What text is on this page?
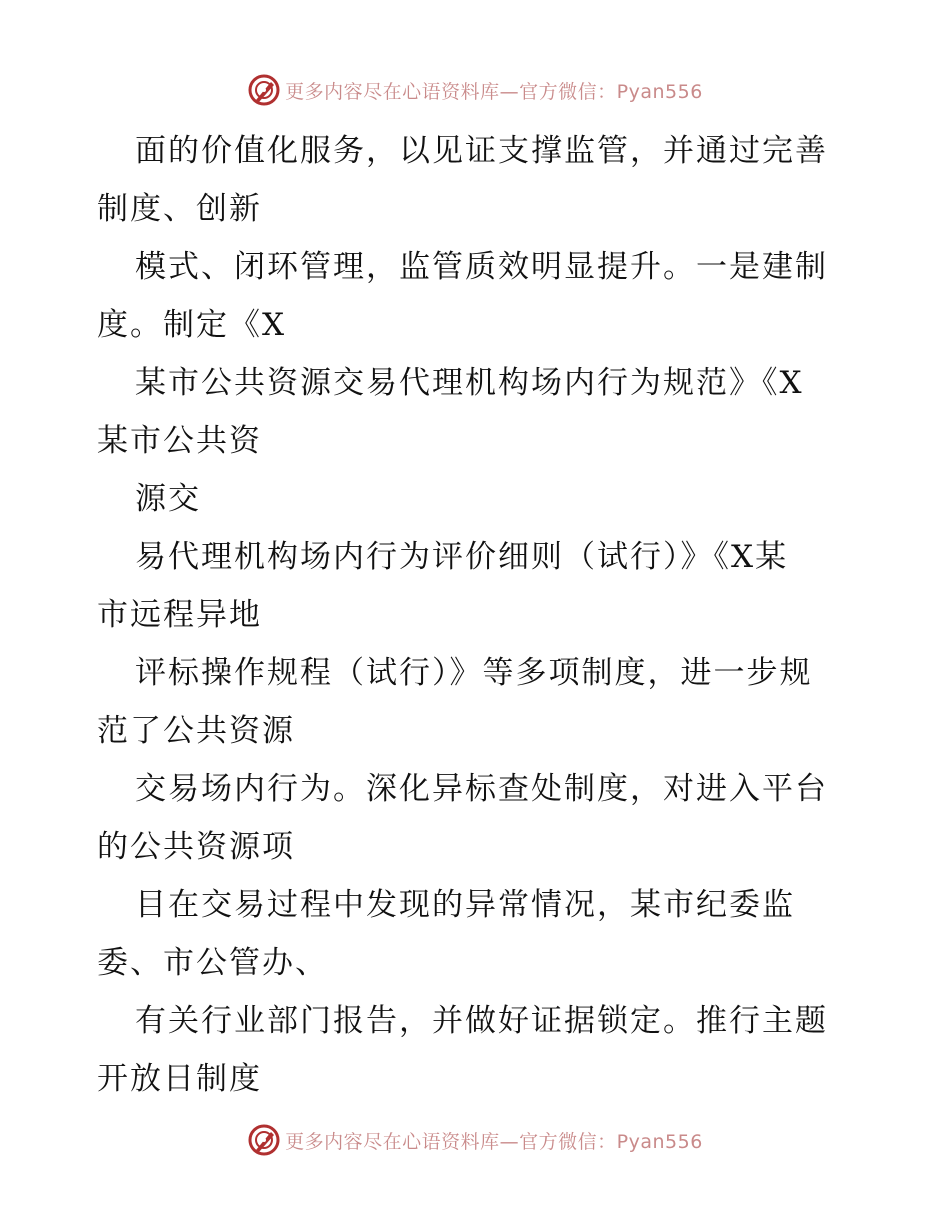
更多内容尽在心语资料库—官方微信：Pyan556
面的价值化服务，以见证支撑监管，并通过完善
制度、创新
模式、闭环管理，监管质效明显提升。一是建制
度。制定《X
某市公共资源交易代理机构场内行为规范》《X
某市公共资
源交
易代理机构场内行为评价细则（试行）》《X某
市远程异地
评标操作规程（试行）》等多项制度，进一步规
范了公共资源
交易场内行为。深化异标查处制度，对进入平台
的公共资源项
目在交易过程中发现的异常情况，某市纪委监
委、市公管办、
有关行业部门报告，并做好证据锁定。推行主题
开放日制度
更多内容尽在心语资料库—官方微信：Pyan556
